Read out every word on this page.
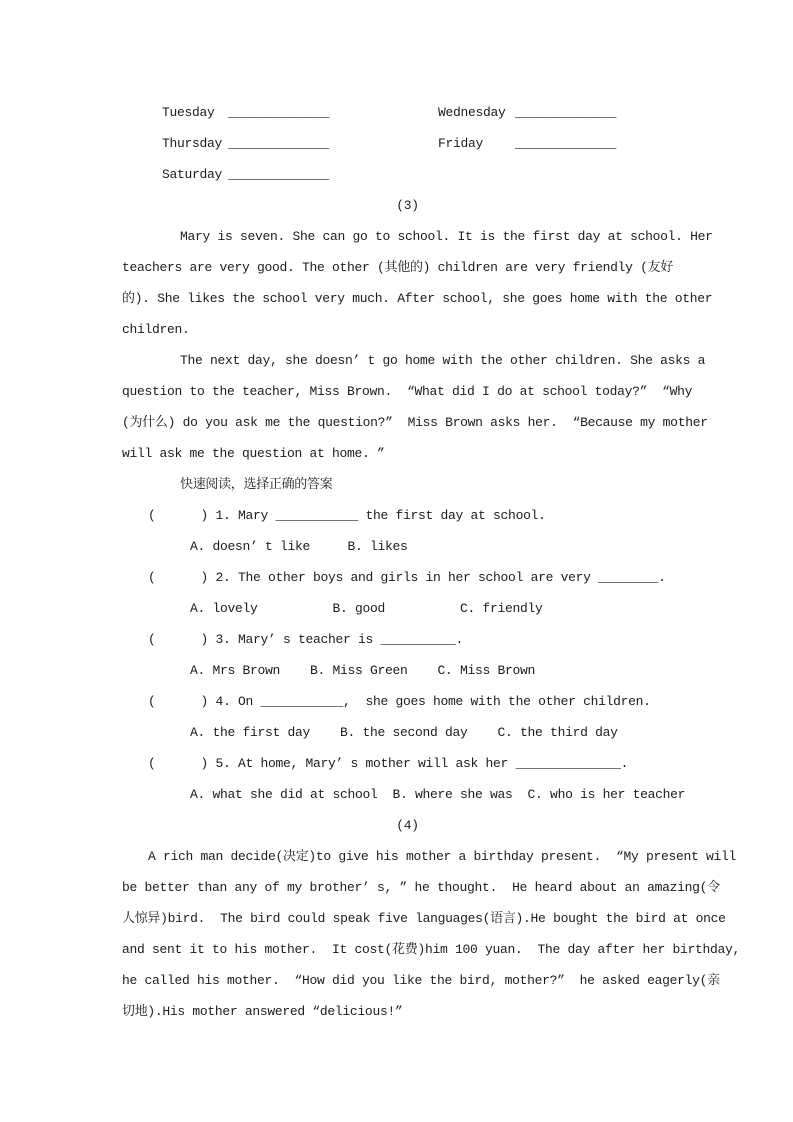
Tuesday	_____________	Wednesday _____________
Thursday _____________	Friday	_____________
Saturday _____________
(3)
Mary is seven. She can go to school. It is the first day at school. Her
teachers are very good. The other (其他的) children are very friendly (友好
的). She likes the school very much. After school, she goes home with the other
children.
The next day, she doesn’ t go home with the other children. She asks a
question to the teacher, Miss Brown.  “What did I do at school today?”  “Why
(为什么) do you ask me the question?”  Miss Brown asks her.  “Because my mother
will ask me the question at home. ”
快速阅读，选择正确的答案
(      ) 1. Mary ___________ the first day at school.
A. doesn’ t like     B. likes
(      ) 2. The other boys and girls in her school are very ________.
A. lovely          B. good          C. friendly
(      ) 3. Mary’ s teacher is __________.
A. Mrs Brown    B. Miss Green    C. Miss Brown
(      ) 4. On ___________,  she goes home with the other children.
A. the first day    B. the second day    C. the third day
(      ) 5. At home, Mary’ s mother will ask her ______________.
A. what she did at school  B. where she was  C. who is her teacher
(4)
A rich man decide(决定)to give his mother a birthday present.  “My present will
be better than any of my brother’ s, ” he thought.  He heard about an amazing(令
人惊异)bird.  The bird could speak five languages(语言).He bought the bird at once
and sent it to his mother.  It cost(花费)him 100 yuan.  The day after her birthday,
he called his mother.  “How did you like the bird, mother?”  he asked eagerly(亲
切地).His mother answered “delicious!”
